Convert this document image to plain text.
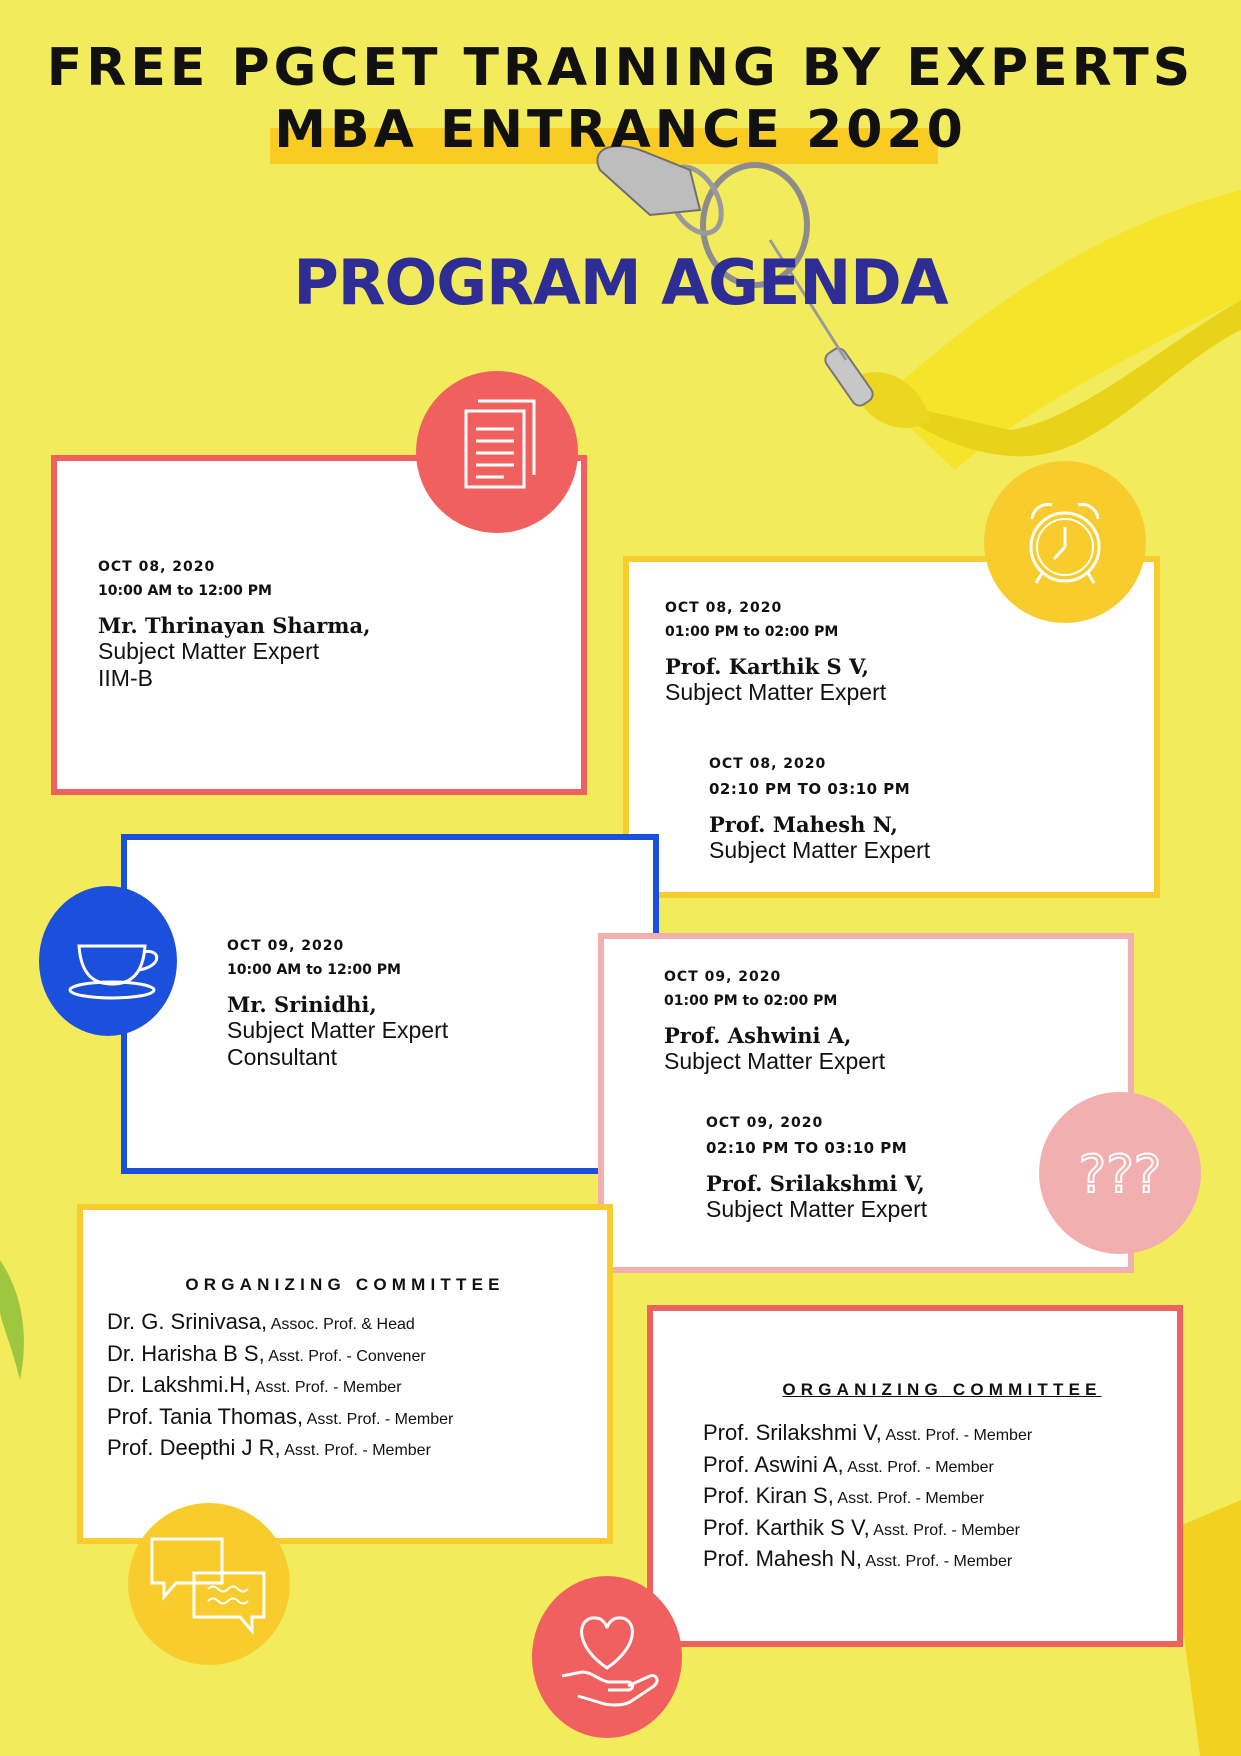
FREE PGCET TRAINING BY EXPERTS
MBA ENTRANCE 2020
PROGRAM AGENDA
OCT 08, 2020
10:00 AM to 12:00 PM
Mr. Thrinayan Sharma,
Subject Matter Expert
IIM-B
OCT 08, 2020
01:00 PM to 02:00 PM
Prof. Karthik S V,
Subject Matter Expert
OCT 08, 2020
02:10 PM TO 03:10 PM
Prof. Mahesh N,
Subject Matter Expert
OCT 09, 2020
10:00 AM to 12:00 PM
Mr. Srinidhi,
Subject Matter Expert
Consultant
OCT 09, 2020
01:00 PM to 02:00 PM
Prof. Ashwini A,
Subject Matter Expert
OCT 09, 2020
02:10 PM TO 03:10 PM
Prof. Srilakshmi V,
Subject Matter Expert
???
ORGANIZING COMMITTEE
Dr. G. Srinivasa, Assoc. Prof. & Head
Dr. Harisha B S, Asst. Prof. - Convener
Dr. Lakshmi.H, Asst. Prof. - Member
Prof. Tania Thomas, Asst. Prof. - Member
Prof. Deepthi J R, Asst. Prof. - Member
ORGANIZING COMMITTEE
Prof. Srilakshmi V, Asst. Prof. - Member
Prof. Aswini A, Asst. Prof. - Member
Prof. Kiran S, Asst. Prof. - Member
Prof. Karthik S V, Asst. Prof. - Member
Prof. Mahesh N, Asst. Prof. - Member
